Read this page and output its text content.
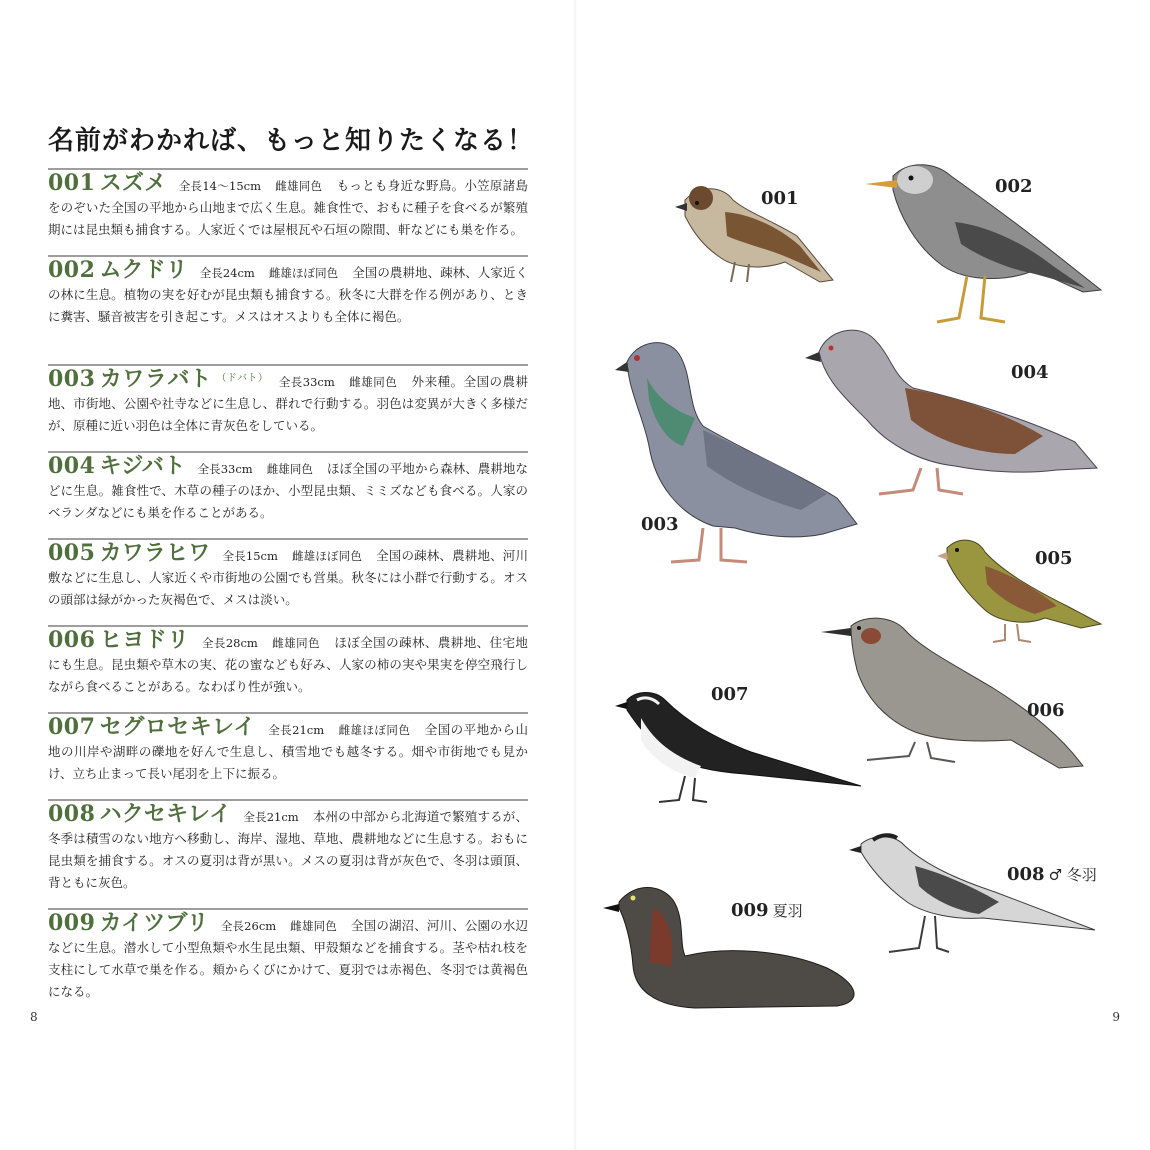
名前がわかれば、もっと知りたくなる！
001 スズメ 全長14～15cm 雌雄同色 もっとも身近な野鳥。小笠原諸島をのぞいた全国の平地から山地まで広く生息。雑食性で、おもに種子を食べるが繁殖期には昆虫類も捕食する。人家近くでは屋根瓦や石垣の隙間、軒などにも巣を作る。
002 ムクドリ 全長24cm 雌雄ほぼ同色 全国の農耕地、疎林、人家近くの林に生息。植物の実を好むが昆虫類も捕食する。秋冬に大群を作る例があり、ときに糞害、騒音被害を引き起こす。メスはオスよりも全体に褐色。
003 カワラバト $^{(ドバト)}$ 全長33cm 雌雄同色 外来種。全国の農耕地、市街地、公園や社寺などに生息し、群れで行動する。羽色は変異が大きく多様だが、原種に近い羽色は全体に青灰色をしている。
004 キジバト 全長33cm 雌雄同色 ほぼ全国の平地から森林、農耕地などに生息。雑食性で、木草の種子のほか、小型昆虫類、ミミズなども食べる。人家のベランダなどにも巣を作ることがある。
005 カワラヒワ 全長15cm 雌雄ほぼ同色 全国の疎林、農耕地、河川敷などに生息し、人家近くや市街地の公園でも営巣。秋冬には小群で行動する。オスの頭部は緑がかった灰褐色で、メスは淡い。
006 ヒヨドリ 全長28cm 雌雄同色 ほぼ全国の疎林、農耕地、住宅地にも生息。昆虫類や草木の実、花の蜜なども好み、人家の柿の実や果実を停空飛行しながら食べることがある。なわばり性が強い。
007 セグロセキレイ 全長21cm 雌雄ほぼ同色 全国の平地から山地の川岸や湖畔の礫地を好んで生息し、積雪地でも越冬する。畑や市街地でも見かけ、立ち止まって長い尾羽を上下に振る。
008 ハクセキレイ 全長21cm 本州の中部から北海道で繁殖するが、冬季は積雪のない地方へ移動し、海岸、湿地、草地、農耕地などに生息する。おもに昆虫類を捕食する。オスの夏羽は背が黒い。メスの夏羽は背が灰色で、冬羽は頭頂、背ともに灰色。
009 カイツブリ 全長26cm 雌雄同色 全国の湖沼、河川、公園の水辺などに生息。潜水して小型魚類や水生昆虫類、甲殻類などを捕食する。茎や枯れ枝を支柱にして水草で巣を作る。頬からくびにかけて、夏羽では赤褐色、冬羽では黄褐色になる。
8
001
002
003
004
005
006
007
008 ♂ 冬羽
009 夏羽
9
